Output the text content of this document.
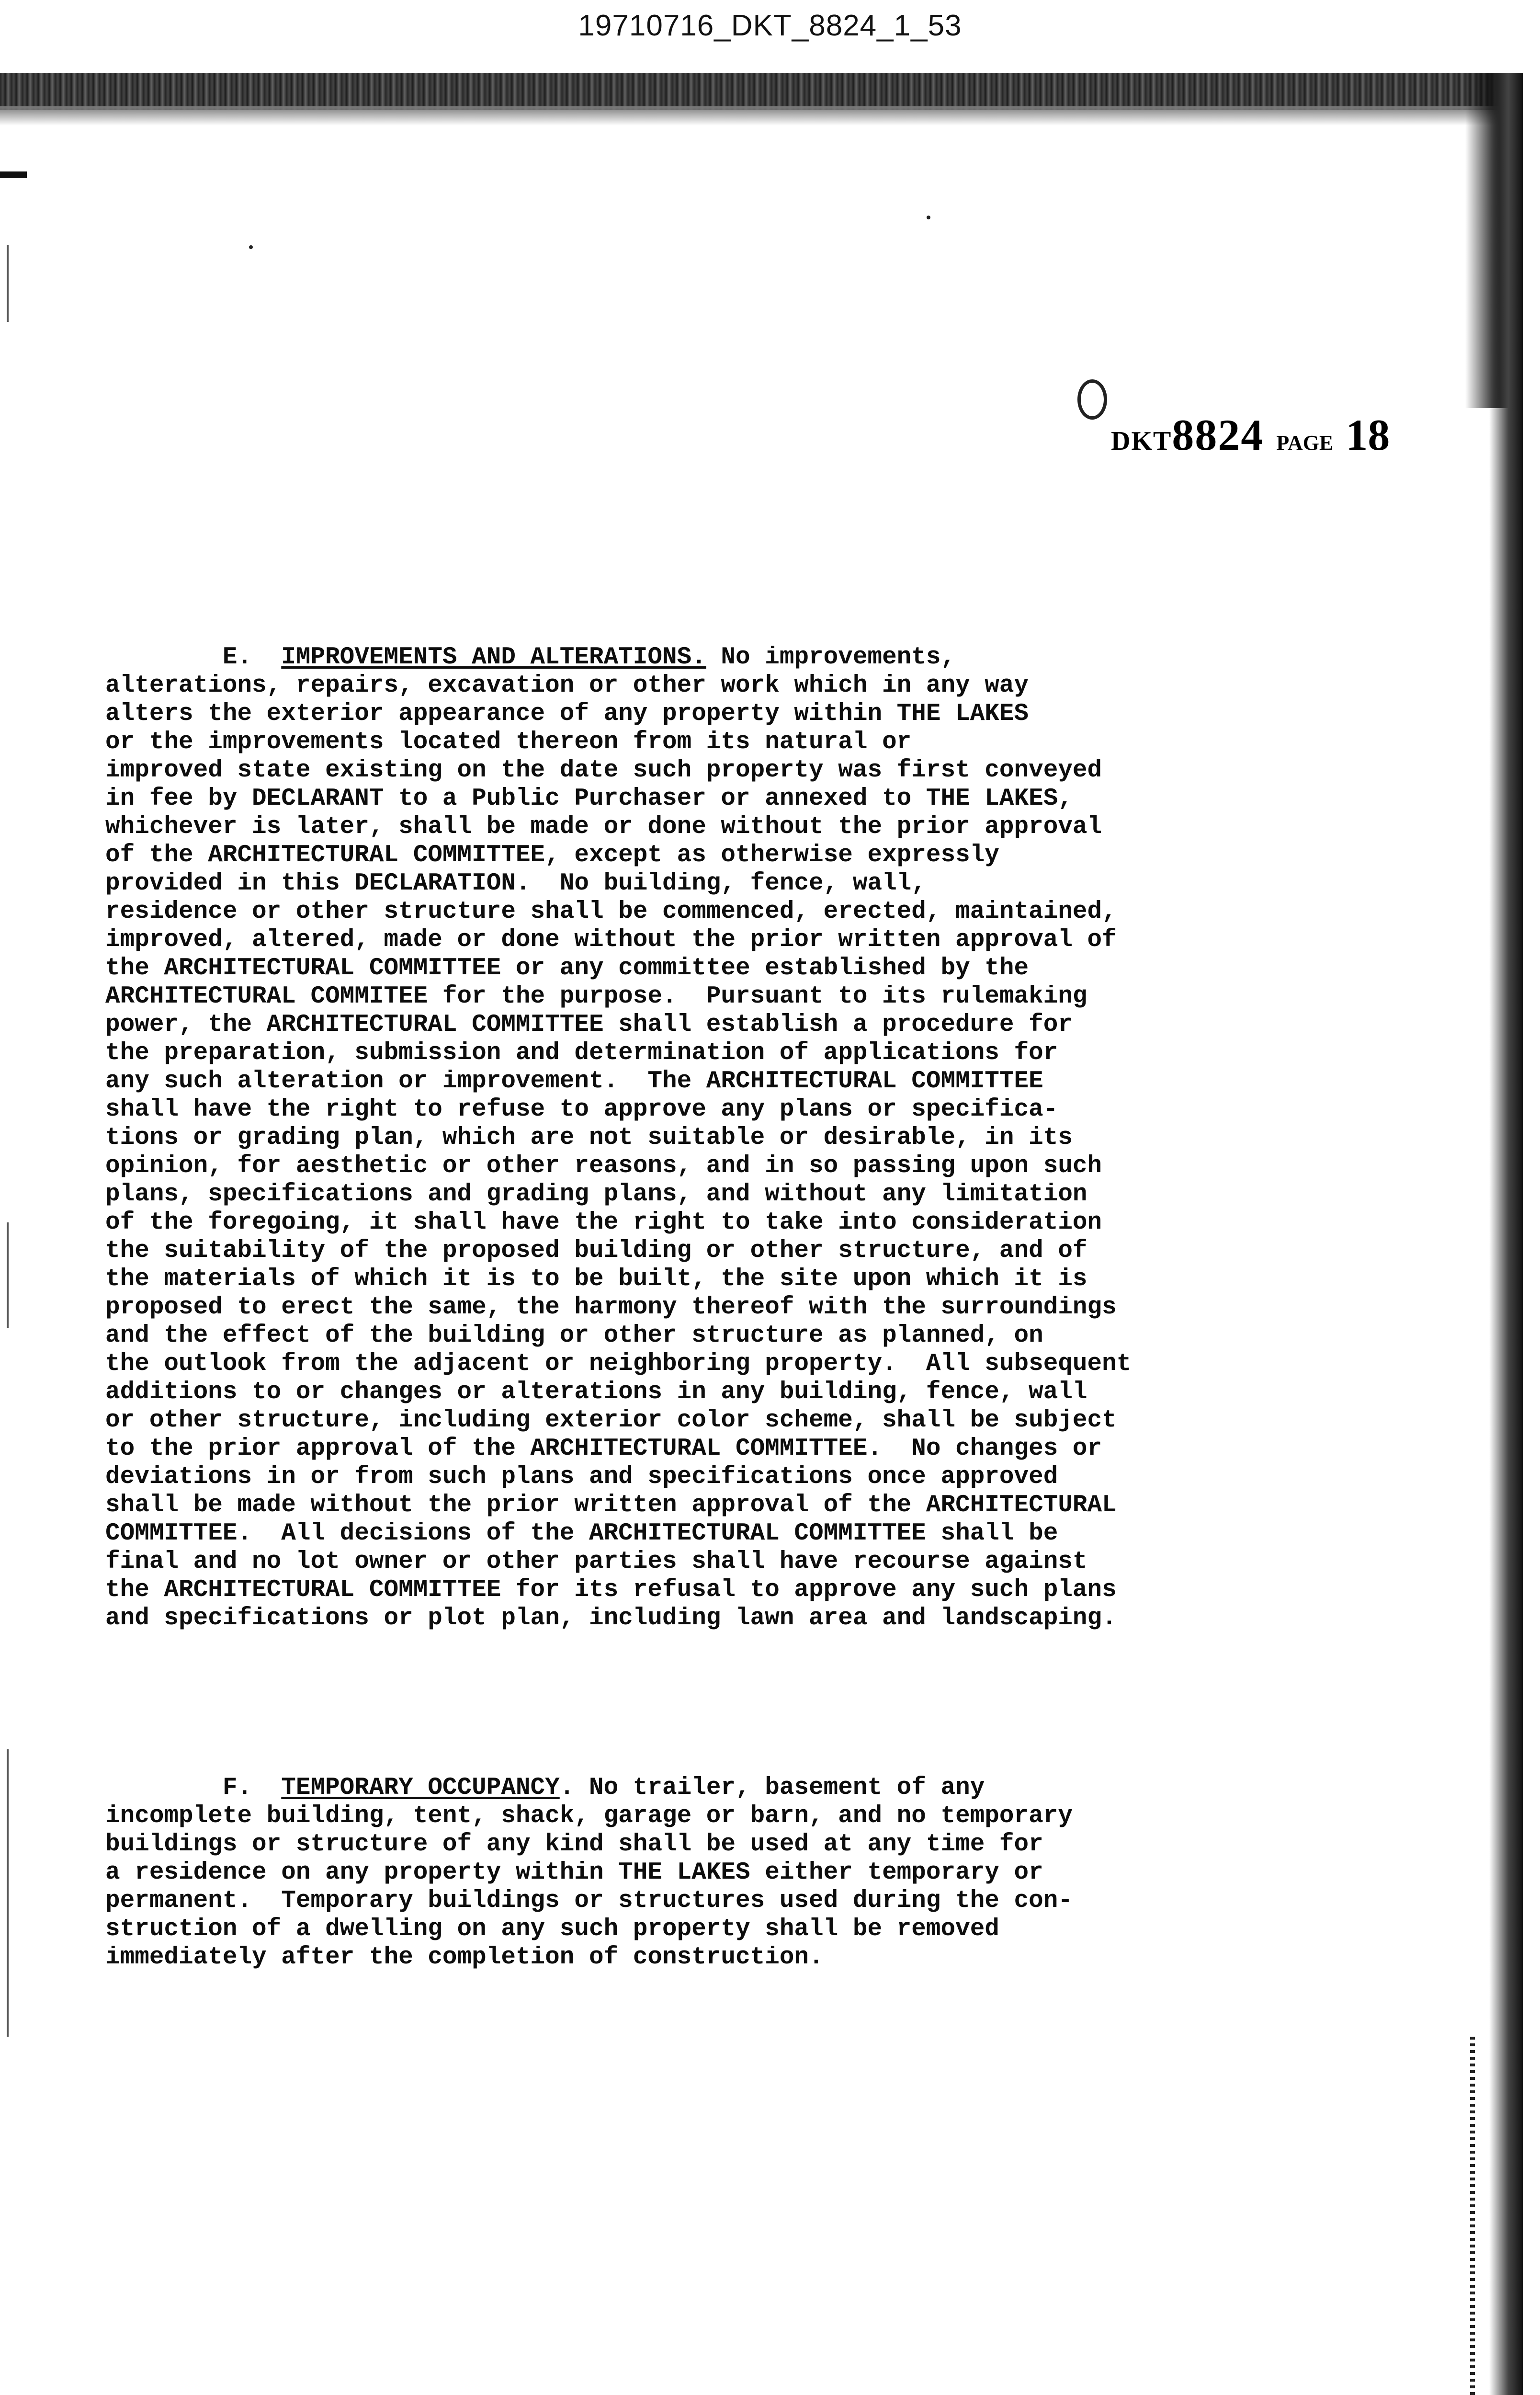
19710716_DKT_8824_1_53
DKT8824 PAGE 18

E.  IMPROVEMENTS AND ALTERATIONS. No improvements,
alterations, repairs, excavation or other work which in any way
alters the exterior appearance of any property within THE LAKES
or the improvements located thereon from its natural or
improved state existing on the date such property was first conveyed
in fee by DECLARANT to a Public Purchaser or annexed to THE LAKES,
whichever is later, shall be made or done without the prior approval
of the ARCHITECTURAL COMMITTEE, except as otherwise expressly
provided in this DECLARATION.  No building, fence, wall,
residence or other structure shall be commenced, erected, maintained,
improved, altered, made or done without the prior written approval of
the ARCHITECTURAL COMMITTEE or any committee established by the
ARCHITECTURAL COMMITEE for the purpose.  Pursuant to its rulemaking
power, the ARCHITECTURAL COMMITTEE shall establish a procedure for
the preparation, submission and determination of applications for
any such alteration or improvement.  The ARCHITECTURAL COMMITTEE
shall have the right to refuse to approve any plans or specifica-
tions or grading plan, which are not suitable or desirable, in its
opinion, for aesthetic or other reasons, and in so passing upon such
plans, specifications and grading plans, and without any limitation
of the foregoing, it shall have the right to take into consideration
the suitability of the proposed building or other structure, and of
the materials of which it is to be built, the site upon which it is
proposed to erect the same, the harmony thereof with the surroundings
and the effect of the building or other structure as planned, on
the outlook from the adjacent or neighboring property.  All subsequent
additions to or changes or alterations in any building, fence, wall
or other structure, including exterior color scheme, shall be subject
to the prior approval of the ARCHITECTURAL COMMITTEE.  No changes or
deviations in or from such plans and specifications once approved
shall be made without the prior written approval of the ARCHITECTURAL
COMMITTEE.  All decisions of the ARCHITECTURAL COMMITTEE shall be
final and no lot owner or other parties shall have recourse against
the ARCHITECTURAL COMMITTEE for its refusal to approve any such plans
and specifications or plot plan, including lawn area and landscaping.

F.  TEMPORARY OCCUPANCY. No trailer, basement of any
incomplete building, tent, shack, garage or barn, and no temporary
buildings or structure of any kind shall be used at any time for
a residence on any property within THE LAKES either temporary or
permanent.  Temporary buildings or structures used during the con-
struction of a dwelling on any such property shall be removed
immediately after the completion of construction.
